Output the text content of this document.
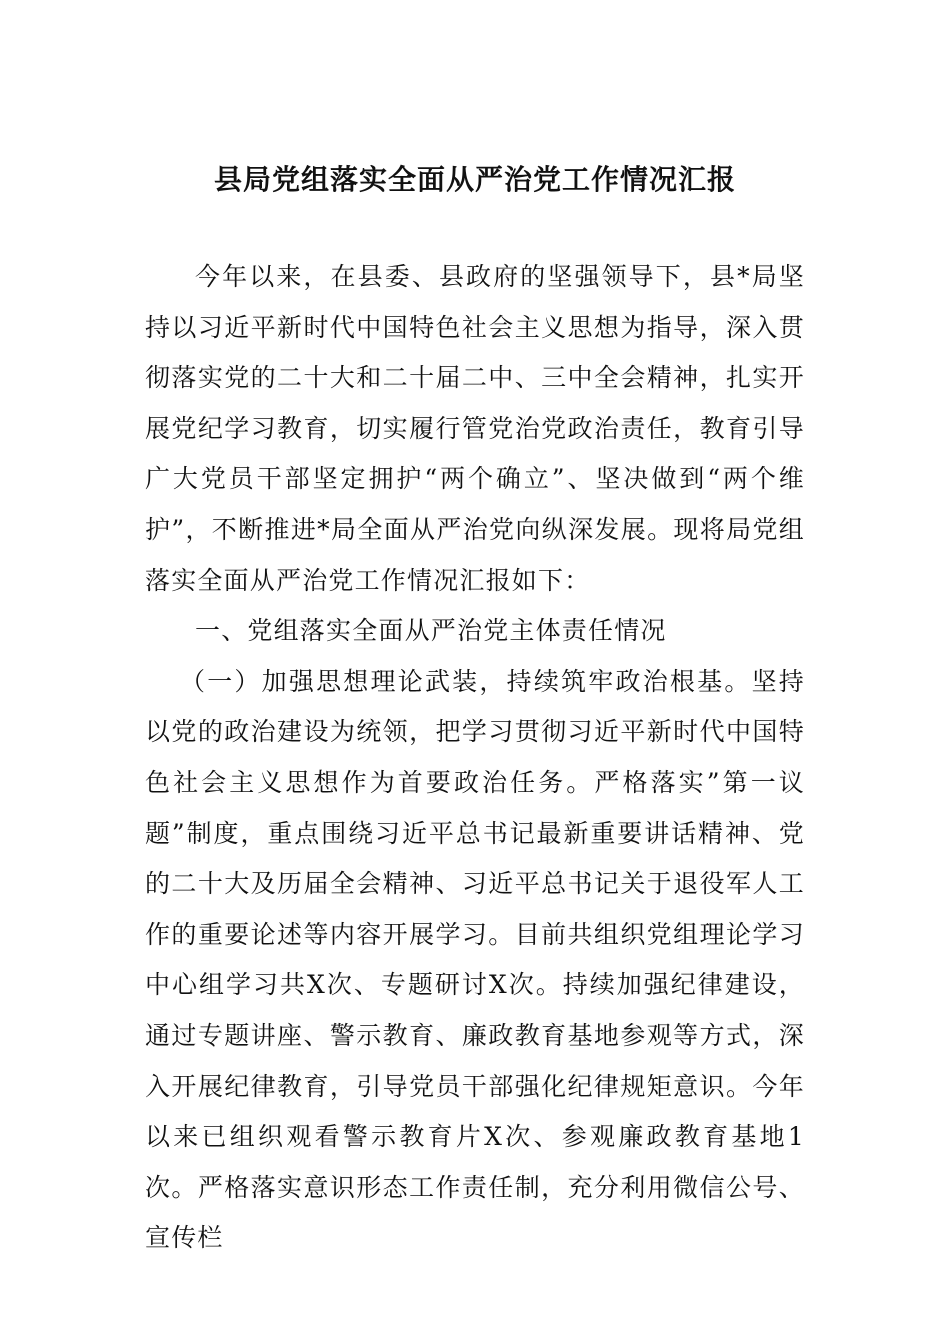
县局党组落实全面从严治党工作情况汇报

今年以来，在县委、县政府的坚强领导下，县*局坚持以习近平新时代中国特色社会主义思想为指导，深入贯彻落实党的二十大和二十届二中、三中全会精神，扎实开展党纪学习教育，切实履行管党治党政治责任，教育引导广大党员干部坚定拥护“两个确立”、坚决做到“两个维护”，不断推进*局全面从严治党向纵深发展。现将局党组落实全面从严治党工作情况汇报如下：

一、党组落实全面从严治党主体责任情况

（一）加强思想理论武装，持续筑牢政治根基。坚持以党的政治建设为统领，把学习贯彻习近平新时代中国特色社会主义思想作为首要政治任务。严格落实”第一议题”制度，重点围绕习近平总书记最新重要讲话精神、党的二十大及历届全会精神、习近平总书记关于退役军人工作的重要论述等内容开展学习。目前共组织党组理论学习中心组学习共X次、专题研讨X次。持续加强纪律建设，通过专题讲座、警示教育、廉政教育基地参观等方式，深入开展纪律教育，引导党员干部强化纪律规矩意识。今年以来已组织观看警示教育片X次、参观廉政教育基地1次。严格落实意识形态工作责任制，充分利用微信公号、宣传栏
